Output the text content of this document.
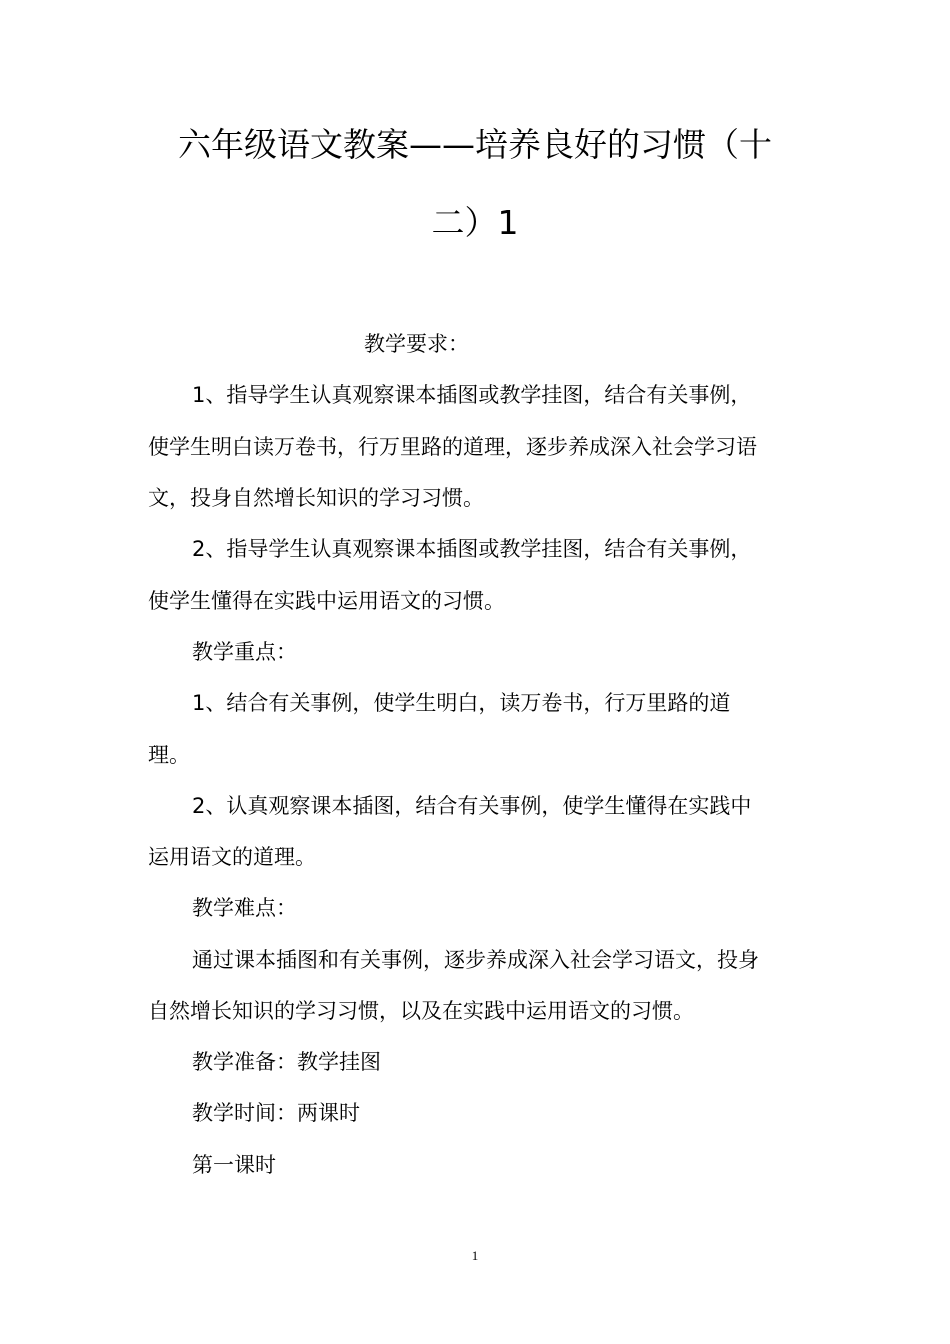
六年级语文教案——培养良好的习惯（十
二）1
教学要求：
1、指导学生认真观察课本插图或教学挂图，结合有关事例，
使学生明白读万卷书，行万里路的道理，逐步养成深入社会学习语
文，投身自然增长知识的学习习惯。
2、指导学生认真观察课本插图或教学挂图，结合有关事例，
使学生懂得在实践中运用语文的习惯。
教学重点：
1、结合有关事例，使学生明白，读万卷书，行万里路的道
理。
2、认真观察课本插图，结合有关事例，使学生懂得在实践中
运用语文的道理。
教学难点：
通过课本插图和有关事例，逐步养成深入社会学习语文，投身
自然增长知识的学习习惯，以及在实践中运用语文的习惯。
教学准备：教学挂图
教学时间：两课时
第一课时
1
